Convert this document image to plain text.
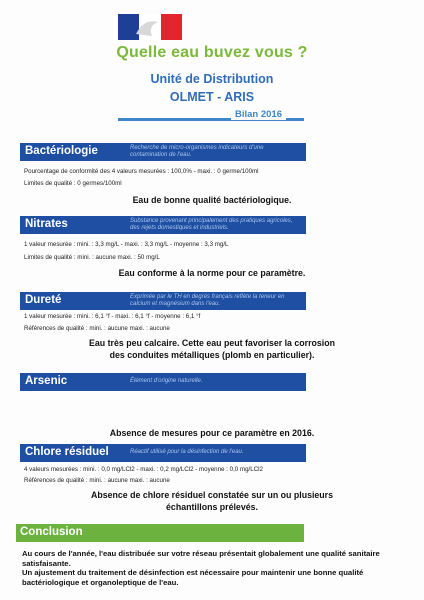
Quelle eau buvez vous ?
Unité de Distribution
OLMET - ARIS
Bilan 2016
Bactériologie	Recherche de micro-organismes indicateurs d'une contamination de l'eau.
Pourcentage de conformité des 4 valeurs mesurées : 100,0% - maxi. : 0 germe/100ml
Limites de qualité : 0 germes/100ml
Eau de bonne qualité bactériologique.
Nitrates	Substance provenant principalement des pratiques agricoles, des rejets domestiques et industriels.
1 valeur mesurée : mini. : 3,3 mg/L - maxi. : 3,3 mg/L - moyenne : 3,3 mg/L
Limites de qualité : mini. : aucune maxi. : 50 mg/L
Eau conforme à la norme pour ce paramètre.
Dureté	Exprimée par le TH en degrés français reflète la teneur en calcium et magnésium dans l'eau.
1 valeur mesurée : mini. : 6,1 °f - maxi. : 6,1 °f - moyenne : 6,1 °f
Références de qualité : mini. : aucune maxi. : aucune
Eau très peu calcaire. Cette eau peut favoriser la corrosion
des conduites métalliques (plomb en particulier).
Arsenic	Élément d'origine naturelle.
Absence de mesures pour ce paramètre en 2016.
Chlore résiduel	Réactif utilisé pour la désinfection de l'eau.
4 valeurs mesurées : mini. : 0,0 mg/LCl2 - maxi. : 0,2 mg/LCl2 - moyenne : 0,0 mg/LCl2
Références de qualité : mini. : aucune maxi. : aucune
Absence de chlore résiduel constatée sur un ou plusieurs
échantillons prélevés.
Conclusion
Au cours de l'année, l'eau distribuée sur votre réseau présentait globalement une qualité sanitaire satisfaisante.
Un ajustement du traitement de désinfection est nécessaire pour maintenir une bonne qualité bactériologique et organoleptique de l'eau.
